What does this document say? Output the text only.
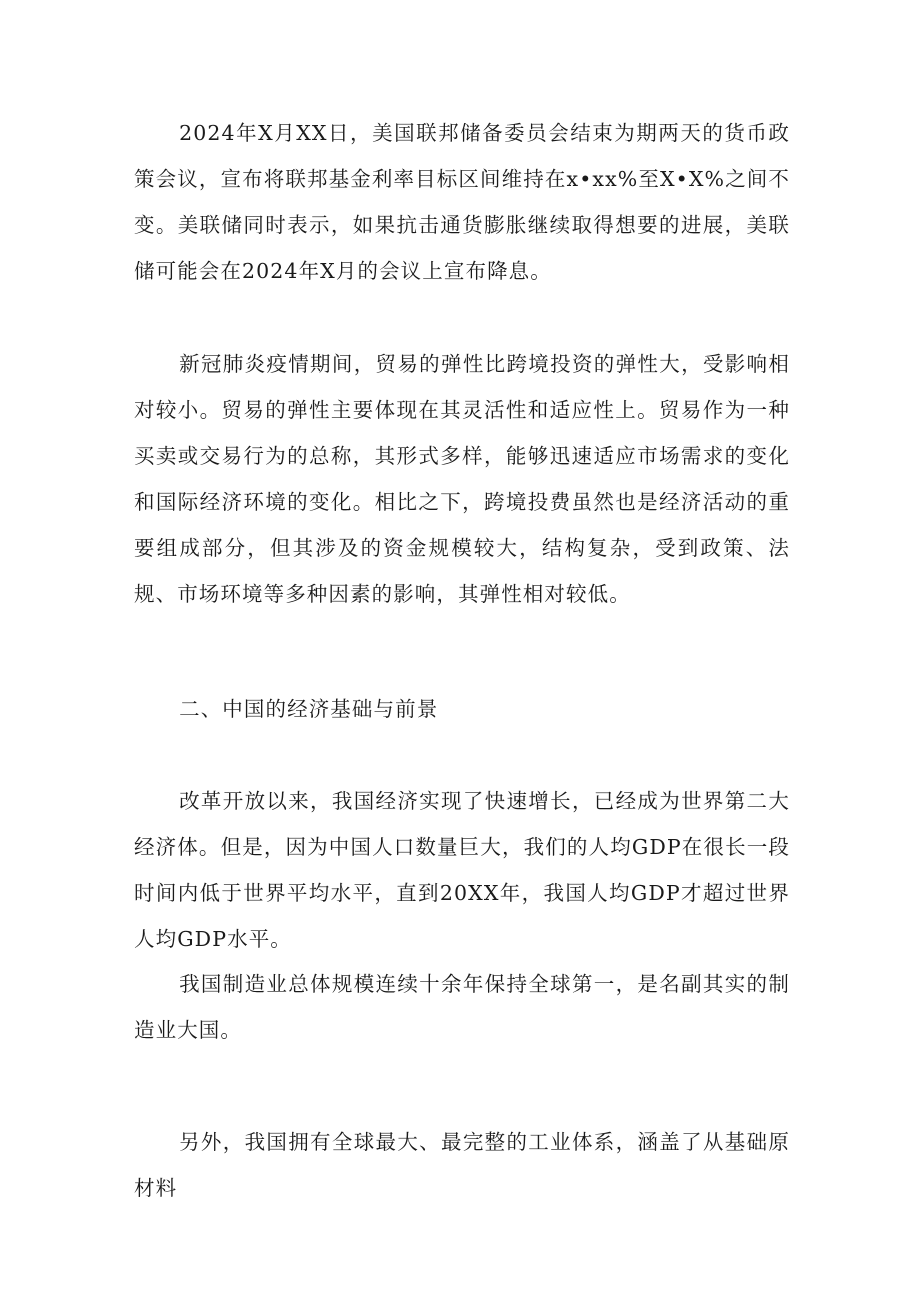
2024年X月XX日，美国联邦储备委员会结束为期两天的货币政策会议，宣布将联邦基金利率目标区间维持在x•xx%至X•X%之间不变。美联储同时表示，如果抗击通货膨胀继续取得想要的进展，美联储可能会在2024年X月的会议上宣布降息。

新冠肺炎疫情期间，贸易的弹性比跨境投资的弹性大，受影响相对较小。贸易的弹性主要体现在其灵活性和适应性上。贸易作为一种买卖或交易行为的总称，其形式多样，能够迅速适应市场需求的变化和国际经济环境的变化。相比之下，跨境投费虽然也是经济活动的重要组成部分，但其涉及的资金规模较大，结构复杂，受到政策、法规、市场环境等多种因素的影响，其弹性相对较低。

二、中国的经济基础与前景

改革开放以来，我国经济实现了快速增长，已经成为世界第二大经济体。但是，因为中国人口数量巨大，我们的人均GDP在很长一段时间内低于世界平均水平，直到20XX年，我国人均GDP才超过世界人均GDP水平。

我国制造业总体规模连续十余年保持全球第一，是名副其实的制造业大国。

另外，我国拥有全球最大、最完整的工业体系，涵盖了从基础原材料
